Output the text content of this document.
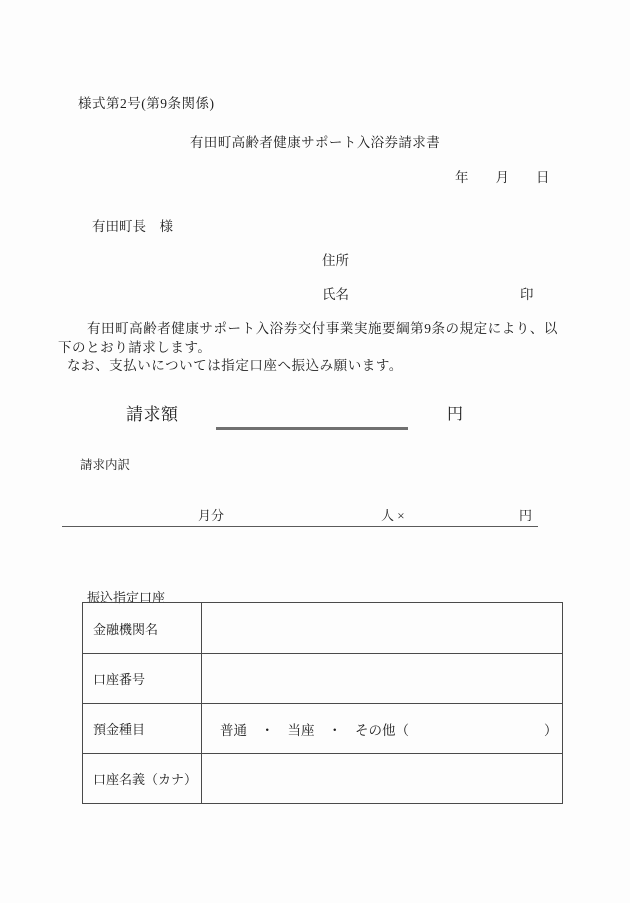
様式第2号(第9条関係)
有田町高齢者健康サポート入浴券請求書
年　　月　　日
有田町長　様
住所
氏名	印
有田町高齢者健康サポート入浴券交付事業実施要綱第9条の規定により、以
下のとおり請求します。
なお、支払いについては指定口座へ振込み願います。
請求額	円
請求内訳
月分	人 ×	円
振込指定口座
金融機関名
口座番号
預金種目	普通　・　当座　・　その他（　　　　　　　　　　）
口座名義（カナ）
